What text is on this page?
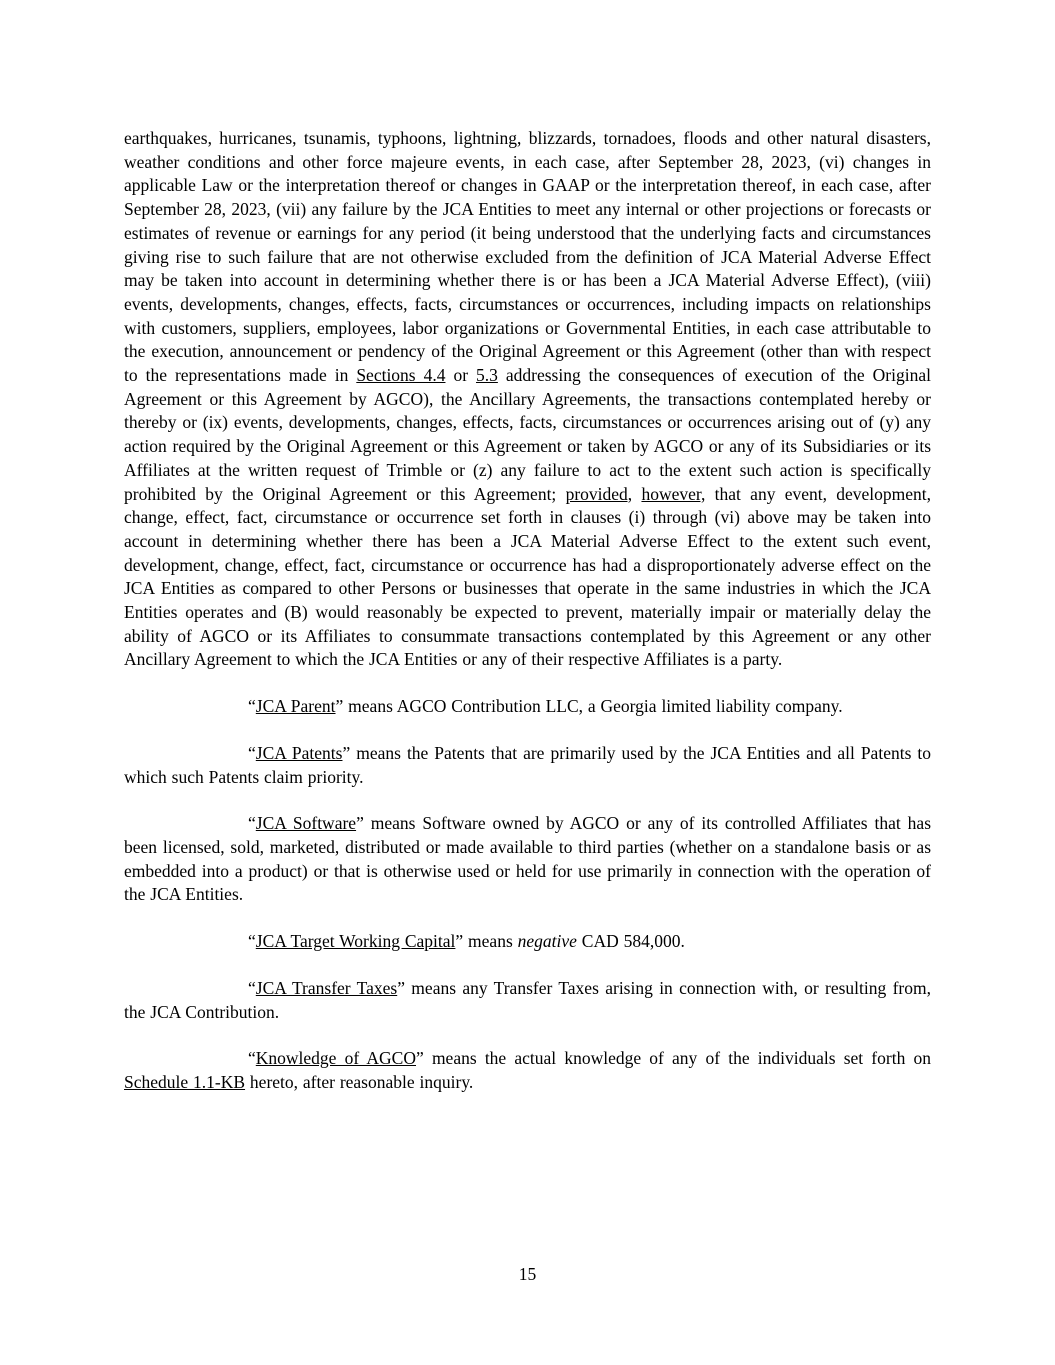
earthquakes, hurricanes, tsunamis, typhoons, lightning, blizzards, tornadoes, floods and other natural disasters, weather conditions and other force majeure events, in each case, after September 28, 2023, (vi) changes in applicable Law or the interpretation thereof or changes in GAAP or the interpretation thereof, in each case, after September 28, 2023, (vii) any failure by the JCA Entities to meet any internal or other projections or forecasts or estimates of revenue or earnings for any period (it being understood that the underlying facts and circumstances giving rise to such failure that are not otherwise excluded from the definition of JCA Material Adverse Effect may be taken into account in determining whether there is or has been a JCA Material Adverse Effect), (viii) events, developments, changes, effects, facts, circumstances or occurrences, including impacts on relationships with customers, suppliers, employees, labor organizations or Governmental Entities, in each case attributable to the execution, announcement or pendency of the Original Agreement or this Agreement (other than with respect to the representations made in Sections 4.4 or 5.3 addressing the consequences of execution of the Original Agreement or this Agreement by AGCO), the Ancillary Agreements, the transactions contemplated hereby or thereby or (ix) events, developments, changes, effects, facts, circumstances or occurrences arising out of (y) any action required by the Original Agreement or this Agreement or taken by AGCO or any of its Subsidiaries or its Affiliates at the written request of Trimble or (z) any failure to act to the extent such action is specifically prohibited by the Original Agreement or this Agreement; provided, however, that any event, development, change, effect, fact, circumstance or occurrence set forth in clauses (i) through (vi) above may be taken into account in determining whether there has been a JCA Material Adverse Effect to the extent such event, development, change, effect, fact, circumstance or occurrence has had a disproportionately adverse effect on the JCA Entities as compared to other Persons or businesses that operate in the same industries in which the JCA Entities operates and (B) would reasonably be expected to prevent, materially impair or materially delay the ability of AGCO or its Affiliates to consummate transactions contemplated by this Agreement or any other Ancillary Agreement to which the JCA Entities or any of their respective Affiliates is a party.

“JCA Parent” means AGCO Contribution LLC, a Georgia limited liability company.

“JCA Patents” means the Patents that are primarily used by the JCA Entities and all Patents to which such Patents claim priority.

“JCA Software” means Software owned by AGCO or any of its controlled Affiliates that has been licensed, sold, marketed, distributed or made available to third parties (whether on a standalone basis or as embedded into a product) or that is otherwise used or held for use primarily in connection with the operation of the JCA Entities.

“JCA Target Working Capital” means negative CAD 584,000.

“JCA Transfer Taxes” means any Transfer Taxes arising in connection with, or resulting from, the JCA Contribution.

“Knowledge of AGCO” means the actual knowledge of any of the individuals set forth on Schedule 1.1-KB hereto, after reasonable inquiry.

15
